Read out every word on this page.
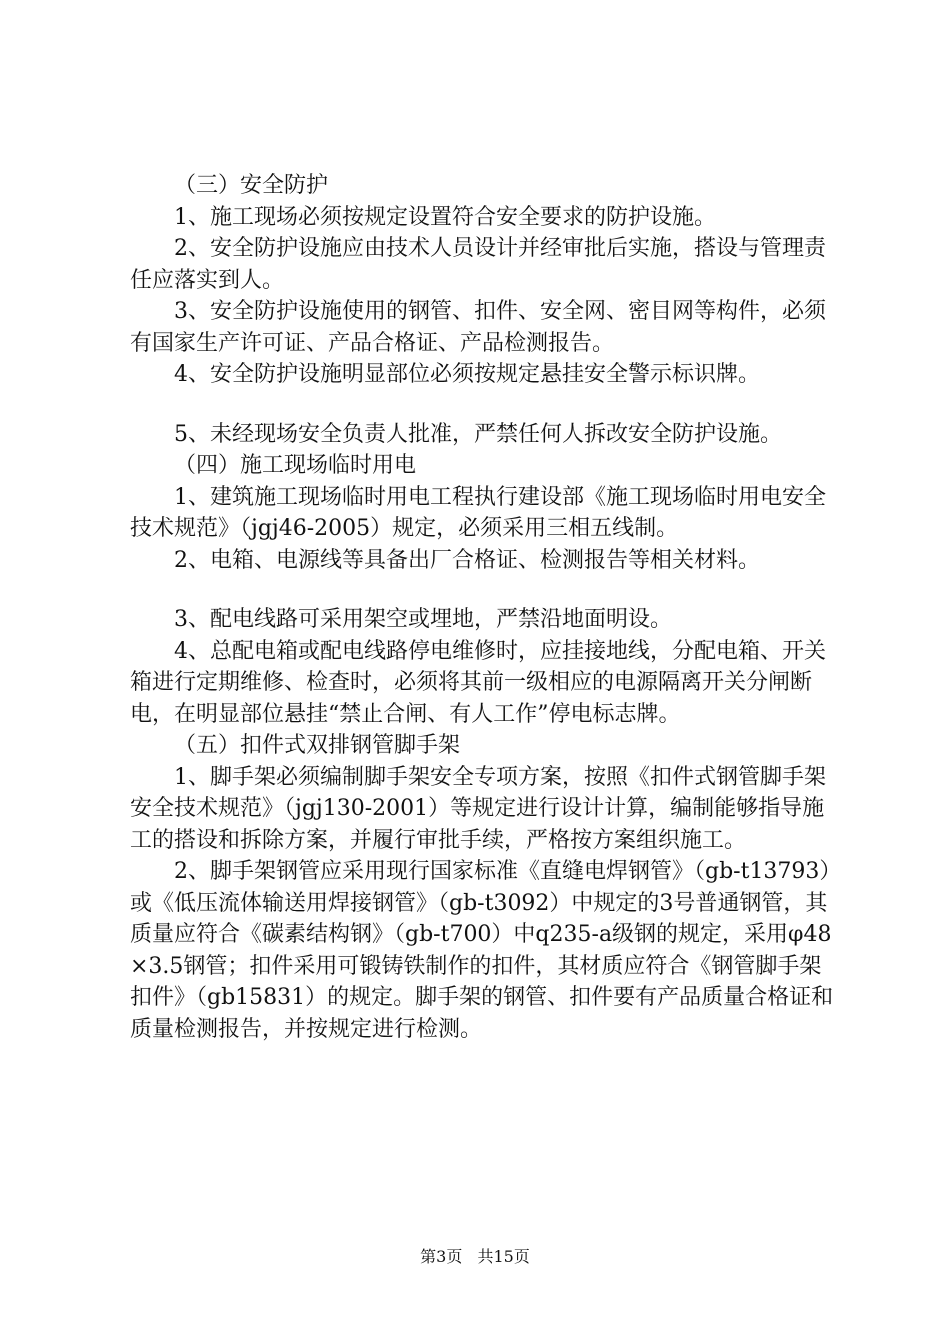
（三）安全防护

1、施工现场必须按规定设置符合安全要求的防护设施。

2、安全防护设施应由技术人员设计并经审批后实施，搭设与管理责任应落实到人。

3、安全防护设施使用的钢管、扣件、安全网、密目网等构件，必须有国家生产许可证、产品合格证、产品检测报告。

4、安全防护设施明显部位必须按规定悬挂安全警示标识牌。

5、未经现场安全负责人批准，严禁任何人拆改安全防护设施。

（四）施工现场临时用电

1、建筑施工现场临时用电工程执行建设部《施工现场临时用电安全技术规范》（jgj46-2005）规定，必须采用三相五线制。

2、电箱、电源线等具备出厂合格证、检测报告等相关材料。

3、配电线路可采用架空或埋地，严禁沿地面明设。

4、总配电箱或配电线路停电维修时，应挂接地线，分配电箱、开关箱进行定期维修、检查时，必须将其前一级相应的电源隔离开关分闸断电，在明显部位悬挂“禁止合闸、有人工作”停电标志牌。

（五）扣件式双排钢管脚手架

1、脚手架必须编制脚手架安全专项方案，按照《扣件式钢管脚手架安全技术规范》（jgj130-2001）等规定进行设计计算，编制能够指导施工的搭设和拆除方案，并履行审批手续，严格按方案组织施工。

2、脚手架钢管应采用现行国家标准《直缝电焊钢管》（gb-t13793）或《低压流体输送用焊接钢管》（gb-t3092）中规定的3号普通钢管，其质量应符合《碳素结构钢》（gb-t700）中q235-a级钢的规定，采用φ48×3.5钢管；扣件采用可锻铸铁制作的扣件，其材质应符合《钢管脚手架扣件》（gb15831）的规定。脚手架的钢管、扣件要有产品质量合格证和质量检测报告，并按规定进行检测。

第3页 共15页
